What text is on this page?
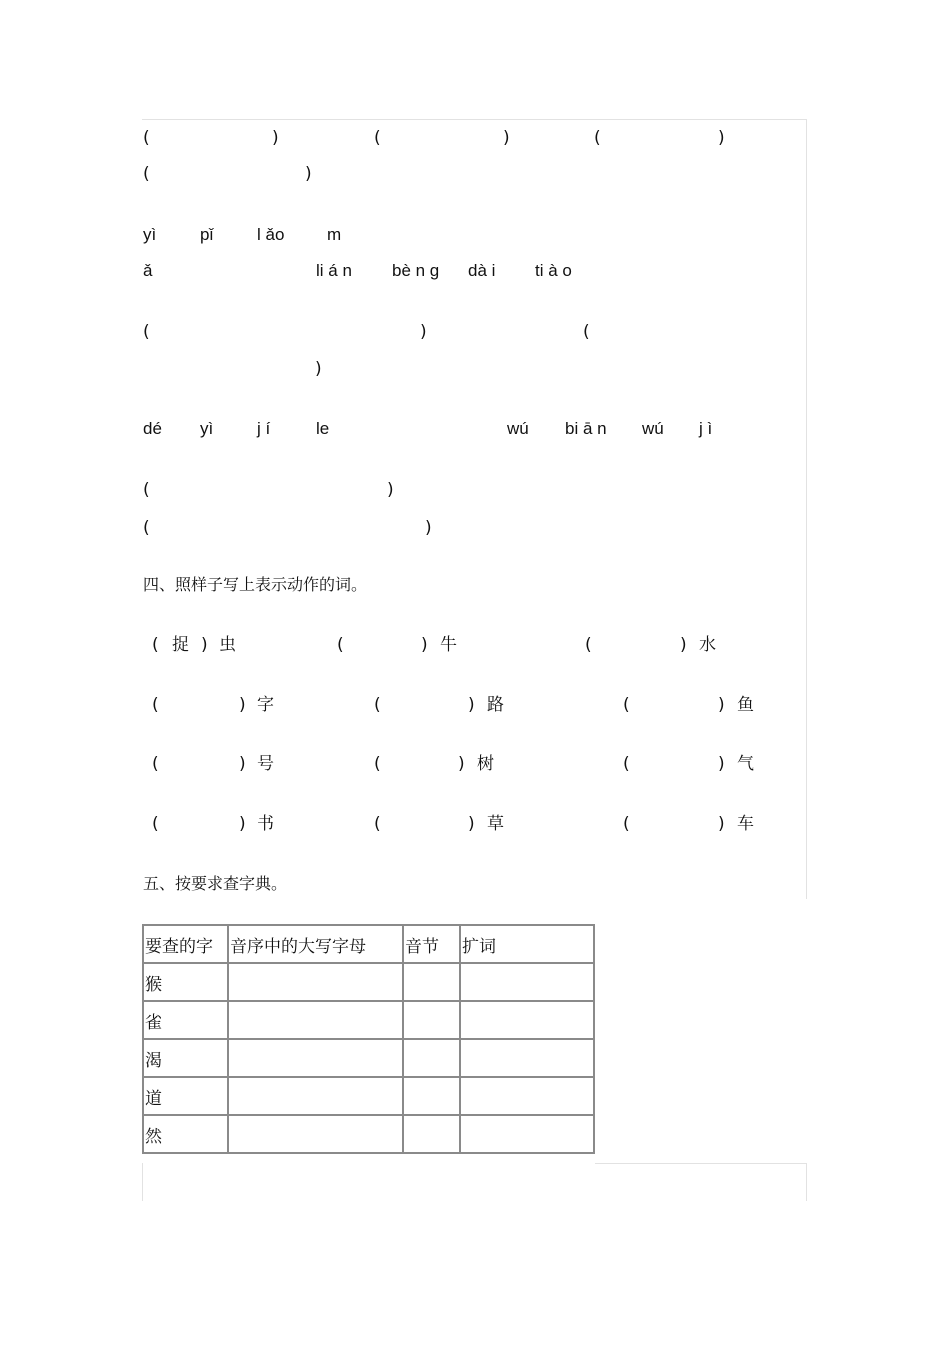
(	)	(	)	(	)
(	)
yì	pǐ	l ǎo	m
ǎ	li á n bè n g dà i ti à o
(	)	(
)
dé yì	j í	le	wú bi ā n wú j ì
(	)
(	)
四、照样子写上表示动作的词。
( 捉 ) 虫	(	) 牛	(	) 水
(	) 字	(	) 路	(	) 鱼
(	) 号	(	) 树	(	) 气
(	) 书	(	) 草	(	) 车
五、按要求查字典。
要查的字	音序中的大写字母	音节	扩词
猴			
雀			
渴			
道			
然			
